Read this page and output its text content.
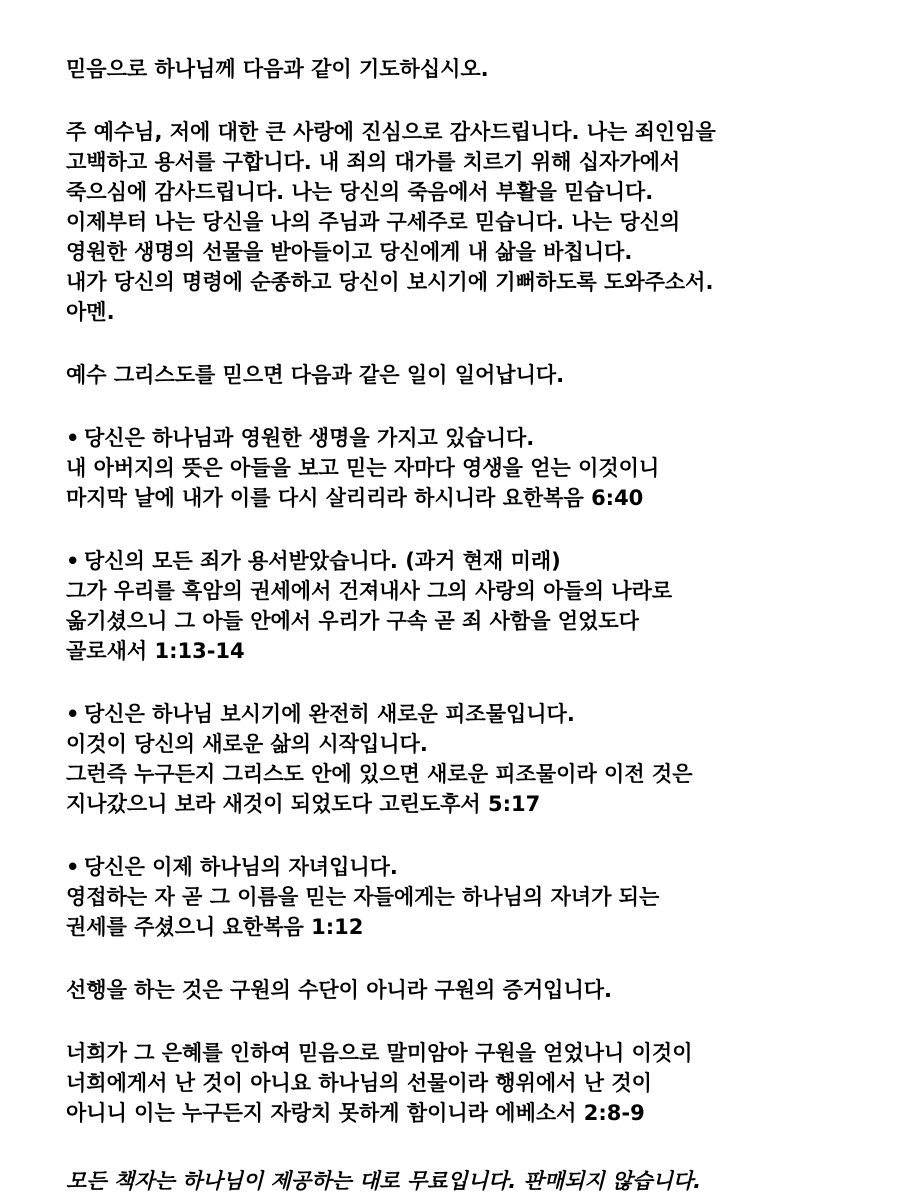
믿음으로 하나님께 다음과 같이 기도하십시오.
주 예수님, 저에 대한 큰 사랑에 진심으로 감사드립니다. 나는 죄인임을
고백하고 용서를 구합니다. 내 죄의 대가를 치르기 위해 십자가에서
죽으심에 감사드립니다. 나는 당신의 죽음에서 부활을 믿습니다.
이제부터 나는 당신을 나의 주님과 구세주로 믿습니다. 나는 당신의
영원한 생명의 선물을 받아들이고 당신에게 내 삶을 바칩니다.
내가 당신의 명령에 순종하고 당신이 보시기에 기뻐하도록 도와주소서.
아멘.
예수 그리스도를 믿으면 다음과 같은 일이 일어납니다.
• 당신은 하나님과 영원한 생명을 가지고 있습니다.
내 아버지의 뜻은 아들을 보고 믿는 자마다 영생을 얻는 이것이니
마지막 날에 내가 이를 다시 살리리라 하시니라 요한복음 6:40
• 당신의 모든 죄가 용서받았습니다. (과거 현재 미래)
그가 우리를 흑암의 권세에서 건져내사 그의 사랑의 아들의 나라로
옮기셨으니 그 아들 안에서 우리가 구속 곧 죄 사함을 얻었도다
골로새서 1:13-14
• 당신은 하나님 보시기에 완전히 새로운 피조물입니다.
이것이 당신의 새로운 삶의 시작입니다.
그런즉 누구든지 그리스도 안에 있으면 새로운 피조물이라 이전 것은
지나갔으니 보라 새것이 되었도다 고린도후서 5:17
• 당신은 이제 하나님의 자녀입니다.
영접하는 자 곧 그 이름을 믿는 자들에게는 하나님의 자녀가 되는
권세를 주셨으니 요한복음 1:12
선행을 하는 것은 구원의 수단이 아니라 구원의 증거입니다.
너희가 그 은혜를 인하여 믿음으로 말미암아 구원을 얻었나니 이것이
너희에게서 난 것이 아니요 하나님의 선물이라 행위에서 난 것이
아니니 이는 누구든지 자랑치 못하게 함이니라 에베소서 2:8-9
모든 책자는 하나님이 제공하는 대로 무료입니다. 판매되지 않습니다.
